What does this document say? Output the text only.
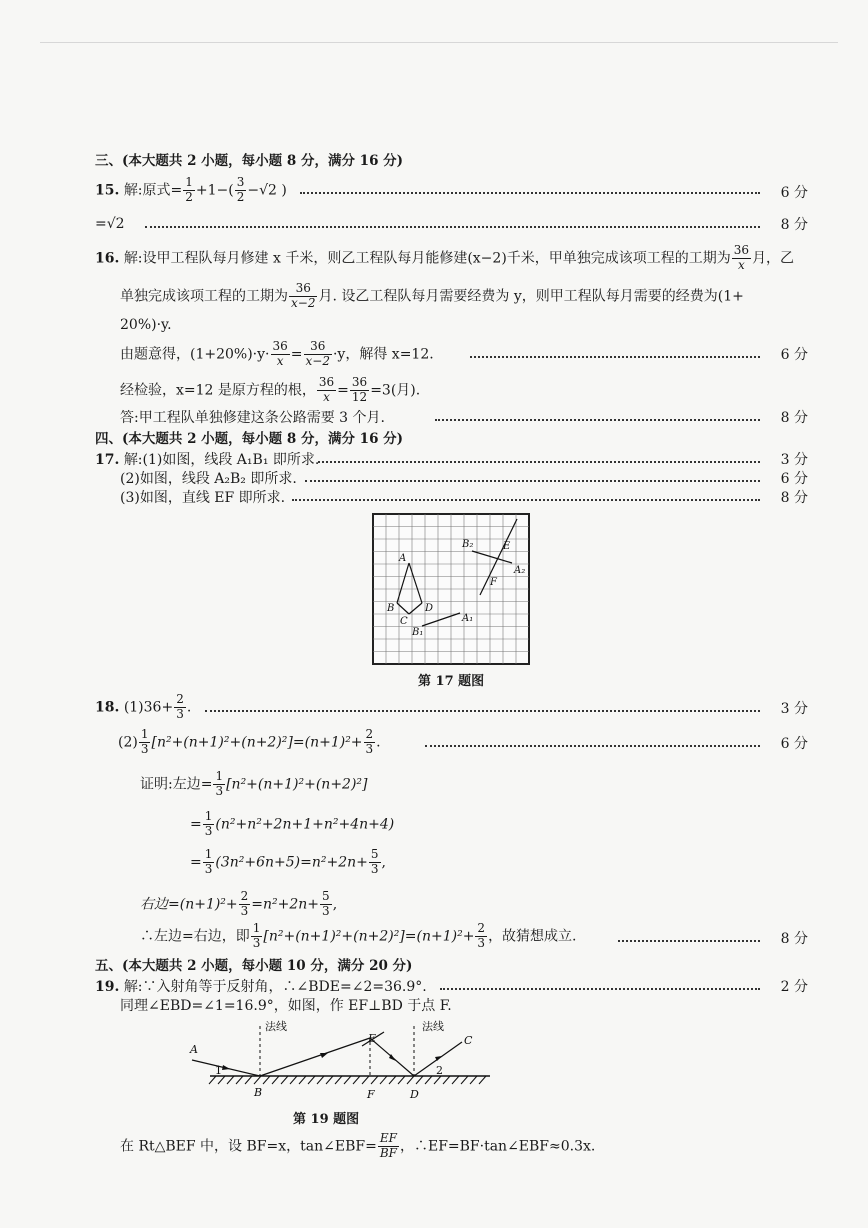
三、(本大题共 2 小题，每小题 8 分，满分 16 分)
15. 解:原式= $\frac{1}{2} +1-( \frac{3}{2} -√2$ )	6 分
=√2	8 分
16. 解:设甲工程队每月修建 x 千米，则乙工程队每月能修建(x−2)千米，甲单独完成该项工程的工期为 $\frac{36}{x}$ 月，乙
单独完成该项工程的工期为 $\frac{36}{x-2}$ 月. 设乙工程队每月需要经费为 y，则甲工程队每月需要的经费为(1+
20%)·y.
由题意得，$(1+20\%)\cdot y\cdot \frac{36}{x} = \frac{36}{x-2} \cdot y$，解得 x=12.	6 分
经检验，x=12 是原方程的根， $\frac{36}{x} = \frac{36}{12} =3$(月).
答:甲工程队单独修建这条公路需要 3 个月.	8 分
四、(本大题共 2 小题，每小题 8 分，满分 16 分)
17. 解:(1)如图，线段 A₁B₁ 即所求.	3 分
(2)如图，线段 A₂B₂ 即所求.	6 分
(3)如图，直线 EF 即所求.	8 分
A
B
C
D
A₁
B₁
A₂
B₂	E
F
第 17 题图
18. $(1)36+ \frac{2}{3}$ .	3 分
$(2) \frac{1}{3} [n^2+(n+1)^2+(n+2)^2]=(n+1)^2+ \frac{2}{3}$ .	6 分
证明:左边= $\frac{1}{3} [n^2+(n+1)^2+(n+2)^2]$
= $\frac{1}{3} (n^2+n^2+2n+1+n^2+4n+4)$
= $\frac{1}{3} (3n^2+6n+5)=n^2+2n+ \frac{5}{3}$ ,
右边$=(n+1)^2+ \frac{2}{3} =n^2+2n+ \frac{5}{3}$ ,
∴左边=右边，即 $\frac{1}{3} [n^2+(n+1)^2+(n+2)^2]=(n+1)^2+ \frac{2}{3}$ ，故猜想成立.	8 分
五、(本大题共 2 小题，每小题 10 分，满分 20 分)
19. 解:∵入射角等于反射角，∴∠BDE=∠2=36.9°.	2 分
同理∠EBD=∠1=16.9°，如图，作 EF⊥BD 于点 F.
法线	法线
A
B
C
D
E
F
1	2
第 19 题图
在 Rt△BEF 中，设 BF=x，tan∠EBF= $\frac{EF}{BF}$ ，∴EF=BF·tan∠EBF≈0.3x.
